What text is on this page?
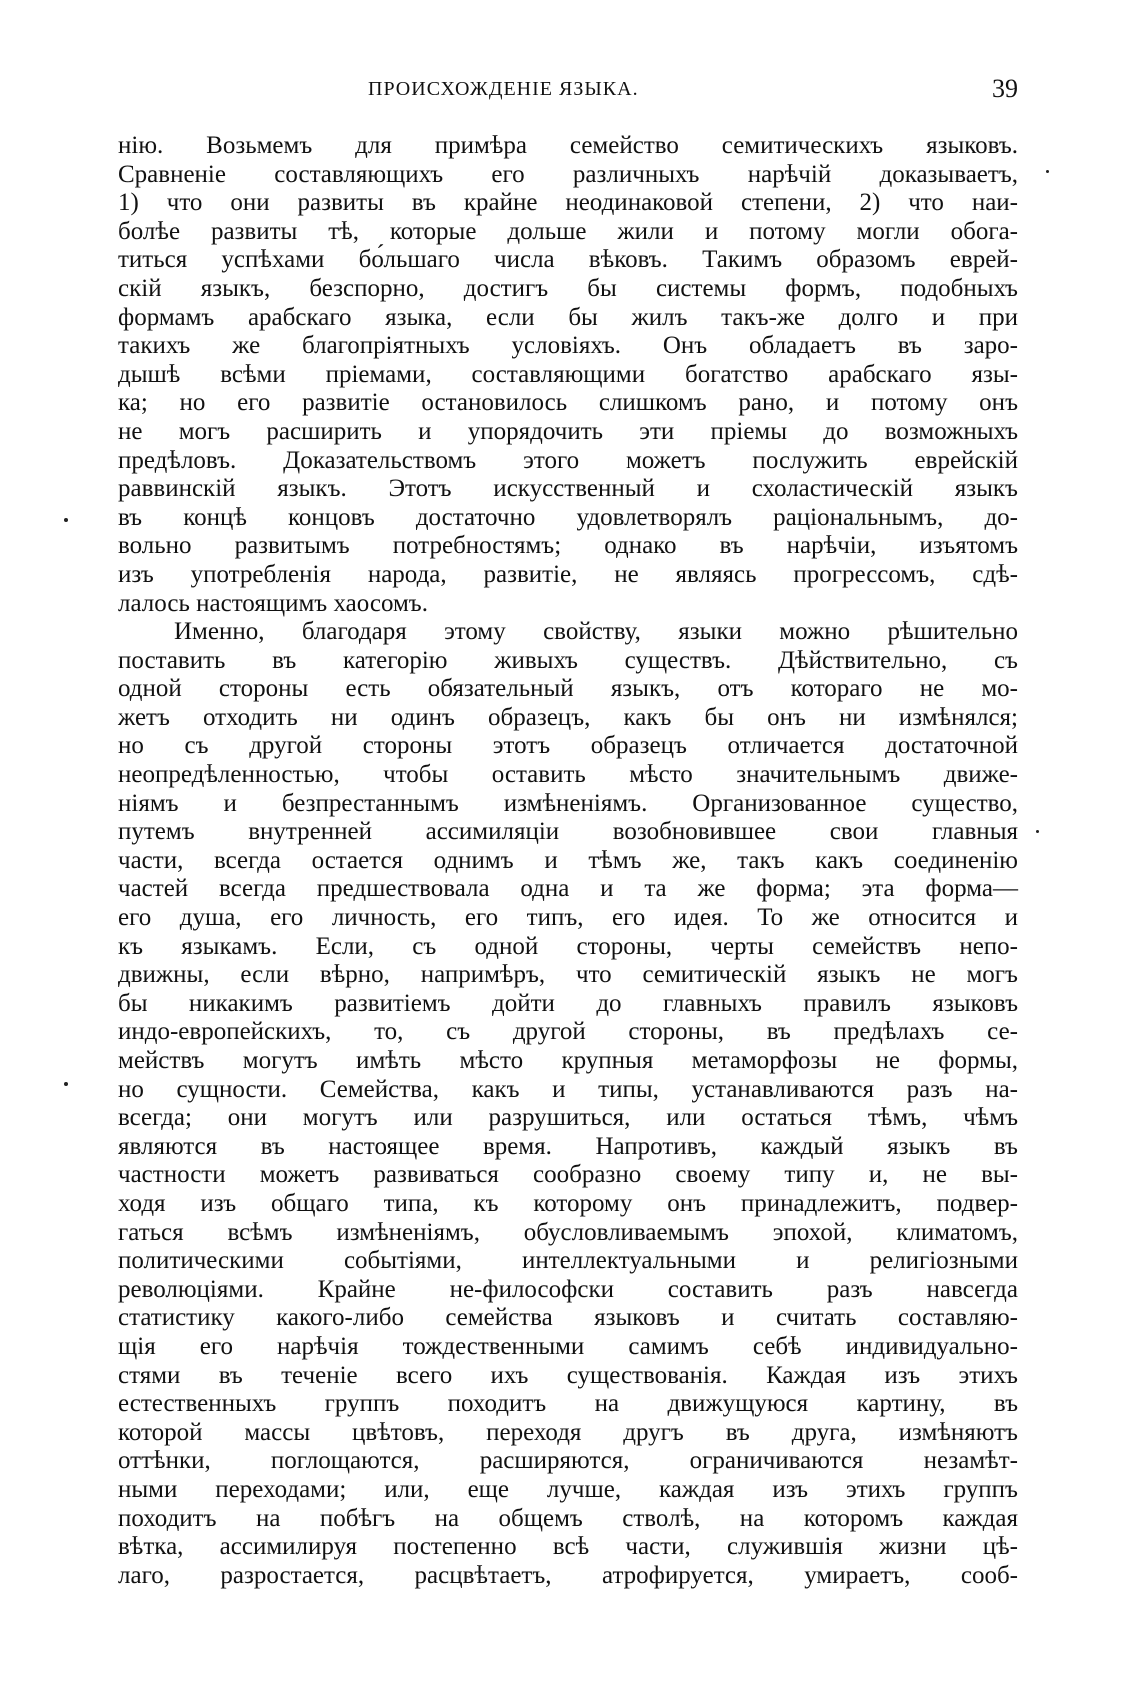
ПРОИСХОЖДЕНІЕ ЯЗЫКА.	39
нію. Возьмемъ для примѣра семейство семитическихъ языковъ.
Сравненіе составляющихъ его различныхъ нарѣчій доказываетъ,
1) что они развиты въ крайне неодинаковой степени, 2) что наи-
болѣе развиты тѣ, которые дольше жили и потому могли обога-
титься успѣхами бо́льшаго числа вѣковъ. Такимъ образомъ еврей-
скій языкъ, безспорно, достигъ бы системы формъ, подобныхъ
формамъ арабскаго языка, если бы жилъ такъ-же долго и при
такихъ же благопріятныхъ условіяхъ. Онъ обладаетъ въ заро-
дышѣ всѣми пріемами, составляющими богатство арабскаго язы-
ка; но его развитіе остановилось слишкомъ рано, и потому онъ
не могъ расширить и упорядочить эти пріемы до возможныхъ
предѣловъ. Доказательствомъ этого можетъ послужить еврейскій
раввинскій языкъ. Этотъ искусственный и схоластическій языкъ
въ концѣ концовъ достаточно удовлетворялъ раціональнымъ, до-
вольно развитымъ потребностямъ; однако въ нарѣчіи, изъятомъ
изъ употребленія народа, развитіе, не являясь прогрессомъ, сдѣ-
лалось настоящимъ хаосомъ.
Именно, благодаря этому свойству, языки можно рѣшительно
поставить въ категорію живыхъ существъ. Дѣйствительно, съ
одной стороны есть обязательный языкъ, отъ котораго не мо-
жетъ отходить ни одинъ образецъ, какъ бы онъ ни измѣнялся;
но съ другой стороны этотъ образецъ отличается достаточной
неопредѣленностью, чтобы оставить мѣсто значительнымъ движе-
ніямъ и безпрестаннымъ измѣненіямъ. Организованное существо,
путемъ внутренней ассимиляціи возобновившее свои главныя
части, всегда остается однимъ и тѣмъ же, такъ какъ соединенію
частей всегда предшествовала одна и та же форма; эта форма—
его душа, его личность, его типъ, его идея. То же относится и
къ языкамъ. Если, съ одной стороны, черты семействъ непо-
движны, если вѣрно, напримѣръ, что семитическій языкъ не могъ
бы никакимъ развитіемъ дойти до главныхъ правилъ языковъ
индо-европейскихъ, то, съ другой стороны, въ предѣлахъ се-
мействъ могутъ имѣть мѣсто крупныя метаморфозы не формы,
но сущности. Семейства, какъ и типы, устанавливаются разъ на-
всегда; они могутъ или разрушиться, или остаться тѣмъ, чѣмъ
являются въ настоящее время. Напротивъ, каждый языкъ въ
частности можетъ развиваться сообразно своему типу и, не вы-
ходя изъ общаго типа, къ которому онъ принадлежитъ, подвер-
гаться всѣмъ измѣненіямъ, обусловливаемымъ эпохой, климатомъ,
политическими событіями, интеллектуальными и религіозными
революціями. Крайне не-философски составить разъ навсегда
статистику какого-либо семейства языковъ и считать составляю-
щія его нарѣчія тождественными самимъ себѣ индивидуально-
стями въ теченіе всего ихъ существованія. Каждая изъ этихъ
естественныхъ группъ походитъ на движущуюся картину, въ
которой массы цвѣтовъ, переходя другъ въ друга, измѣняютъ
оттѣнки, поглощаются, расширяются, ограничиваются незамѣт-
ными переходами; или, еще лучше, каждая изъ этихъ группъ
походитъ на побѣгъ на общемъ стволѣ, на которомъ каждая
вѣтка, ассимилируя постепенно всѣ части, служившія жизни цѣ-
лаго, разростается, расцвѣтаетъ, атрофируется, умираетъ, сооб-
